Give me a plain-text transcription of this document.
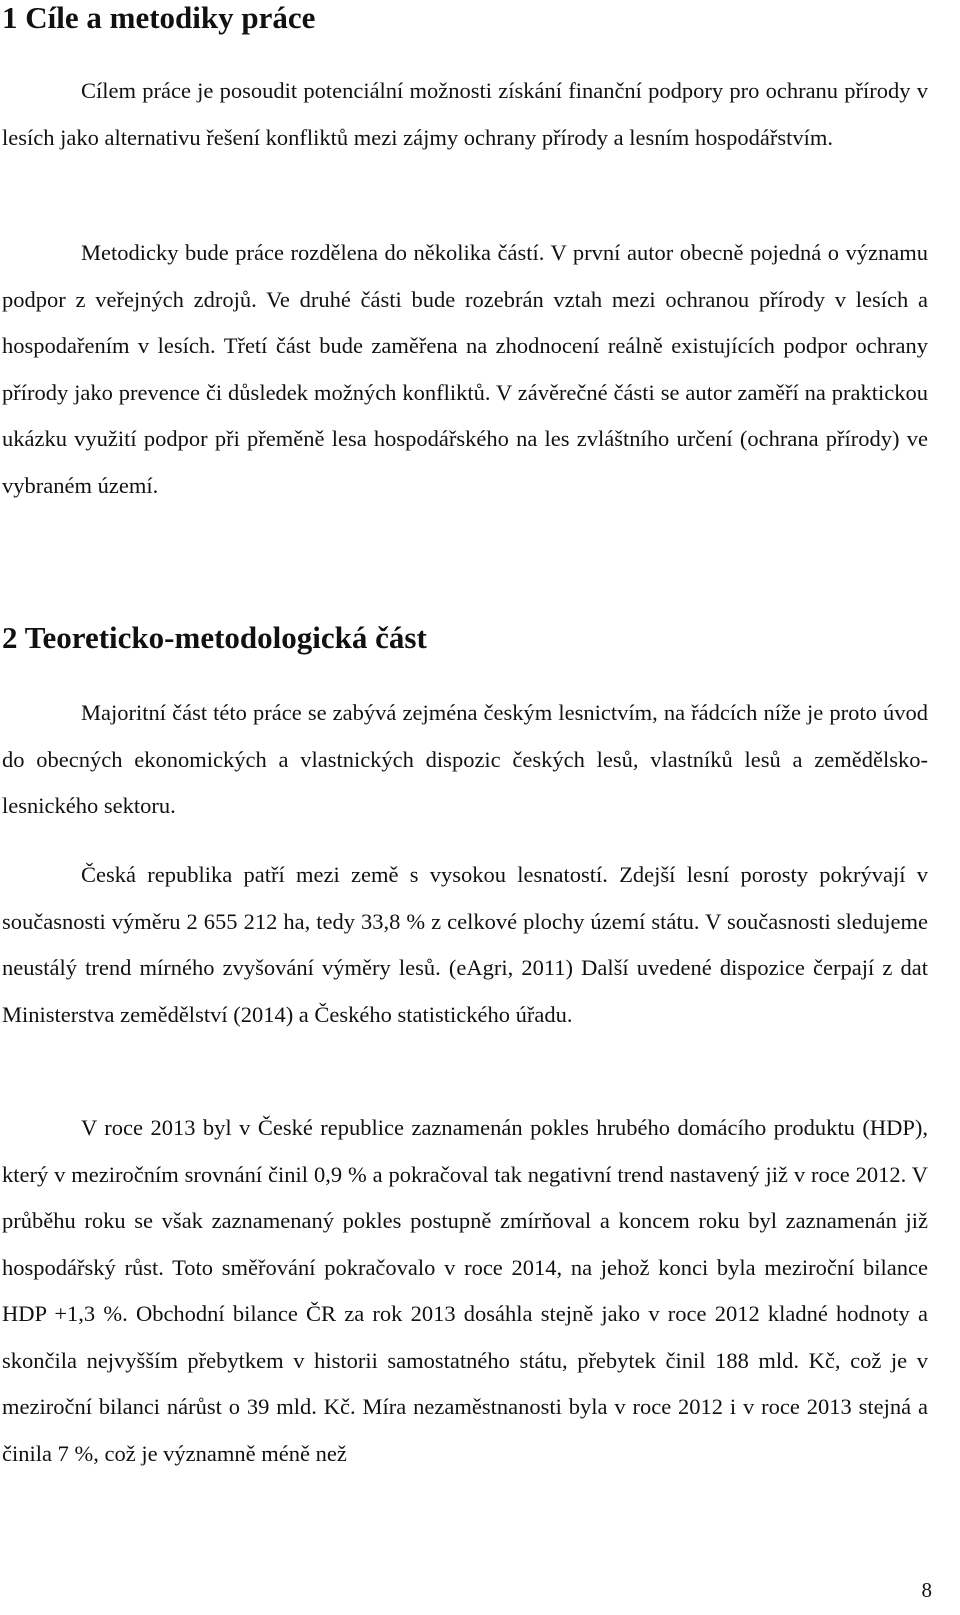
1 Cíle a metodiky práce

Cílem práce je posoudit potenciální možnosti získání finanční podpory pro ochranu přírody v lesích jako alternativu řešení konfliktů mezi zájmy ochrany přírody a lesním hospodářstvím.

Metodicky bude práce rozdělena do několika částí. V první autor obecně pojedná o významu podpor z veřejných zdrojů. Ve druhé části bude rozebrán vztah mezi ochranou přírody v lesích a hospodařením v lesích. Třetí část bude zaměřena na zhodnocení reálně existujících podpor ochrany přírody jako prevence či důsledek možných konfliktů. V závěrečné části se autor zaměří na praktickou ukázku využití podpor při přeměně lesa hospodářského na les zvláštního určení (ochrana přírody) ve vybraném území.

2 Teoreticko-metodologická část

Majoritní část této práce se zabývá zejména českým lesnictvím, na řádcích níže je proto úvod do obecných ekonomických a vlastnických dispozic českých lesů, vlastníků lesů a zemědělsko-lesnického sektoru.

Česká republika patří mezi země s vysokou lesnatostí. Zdejší lesní porosty pokrývají v současnosti výměru 2 655 212 ha, tedy 33,8 % z celkové plochy území státu. V současnosti sledujeme neustálý trend mírného zvyšování výměry lesů. (eAgri, 2011) Další uvedené dispozice čerpají z dat Ministerstva zemědělství (2014) a Českého statistického úřadu.

V roce 2013 byl v České republice zaznamenán pokles hrubého domácího produktu (HDP), který v meziročním srovnání činil 0,9 % a pokračoval tak negativní trend nastavený již v roce 2012. V průběhu roku se však zaznamenaný pokles postupně zmírňoval a koncem roku byl zaznamenán již hospodářský růst. Toto směřování pokračovalo v roce 2014, na jehož konci byla meziroční bilance HDP +1,3 %. Obchodní bilance ČR za rok 2013 dosáhla stejně jako v roce 2012 kladné hodnoty a skončila nejvyšším přebytkem v historii samostatného státu, přebytek činil 188 mld. Kč, což je v meziroční bilanci nárůst o 39 mld. Kč. Míra nezaměstnanosti byla v roce 2012 i v roce 2013 stejná a činila 7 %, což je významně méně než

8
